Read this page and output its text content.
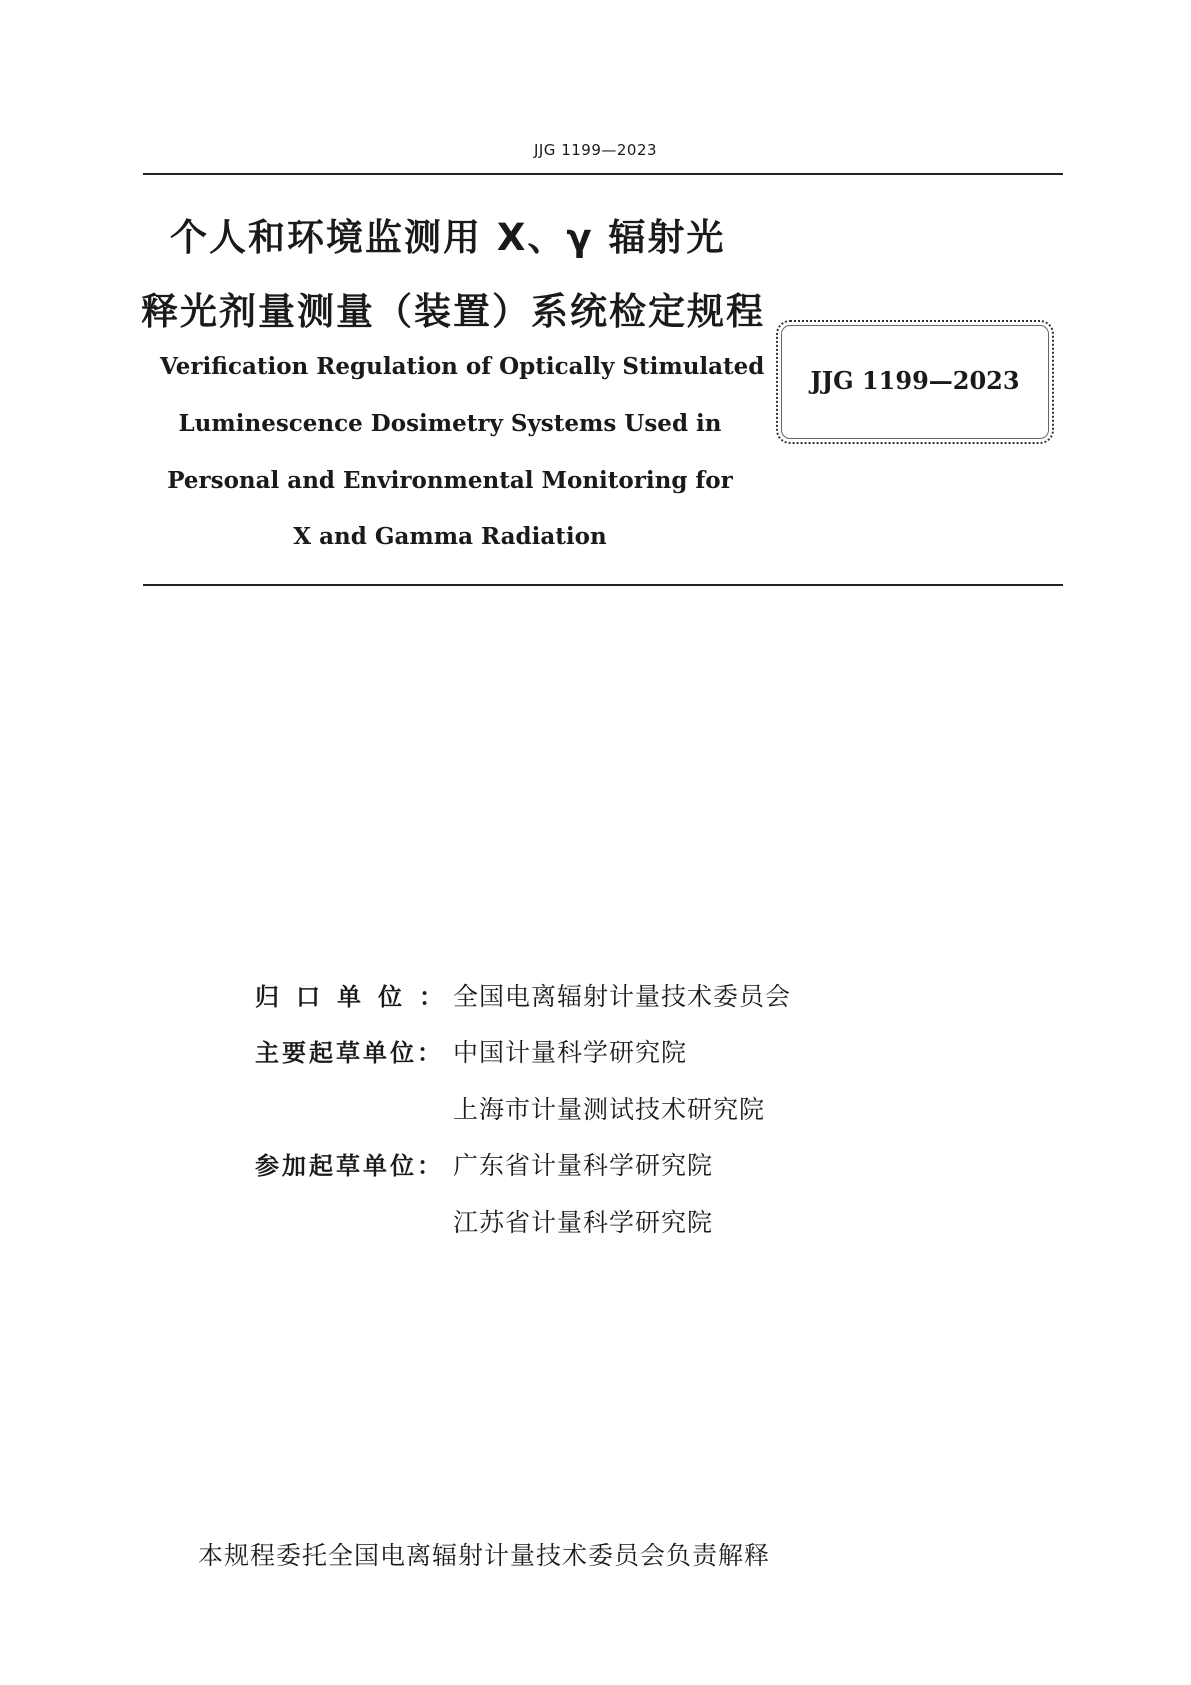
JJG 1199—2023
个人和环境监测用 X、γ 辐射光
释光剂量测量（装置）系统检定规程
Verification Regulation of Optically Stimulated
Luminescence Dosimetry Systems Used in
Personal and Environmental Monitoring for
X and Gamma Radiation
JJG 1199—2023
归口单位：
全国电离辐射计量技术委员会
主要起草单位： 中国计量科学研究院
上海市计量测试技术研究院
参加起草单位： 广东省计量科学研究院
江苏省计量科学研究院
本规程委托全国电离辐射计量技术委员会负责解释
